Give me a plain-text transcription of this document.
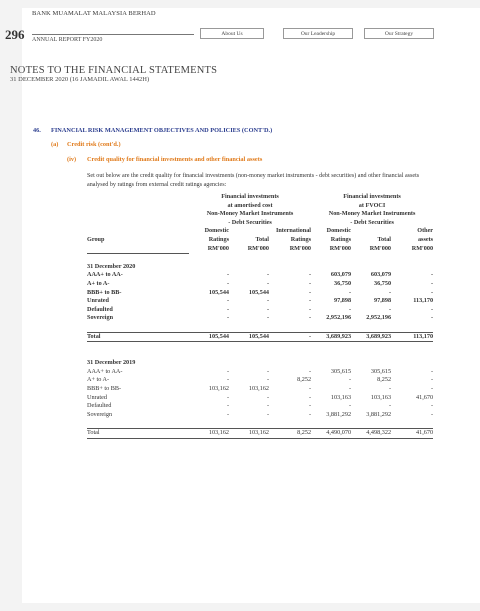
296
BANK MUAMALAT MALAYSIA BERHAD
ANNUAL REPORT FY2020
About Us	Our Leadership	Our Strategy
NOTES TO THE FINANCIAL STATEMENTS
31 DECEMBER 2020 (16 JAMADIL AWAL 1442H)
46. FINANCIAL RISK MANAGEMENT OBJECTIVES AND POLICIES (CONT'D.)
(a) Credit risk (cont'd.)
(iv) Credit quality for financial investments and other financial assets
Set out below are the credit quality for financial investments (non-money market instruments - debt securities) and other financial assets analysed by ratings from external credit ratings agencies:
	Financial investments			Financial investments		
	at amortised cost			at FVOCI		
	Non-Money Market Instruments			Non-Money Market Instruments		
	- Debt Securities			- Debt Securities		
	Domestic		International	Domestic		Other
Group	Ratings	Total	Ratings	Ratings	Total	assets
	RM'000	RM'000	RM'000	RM'000	RM'000	RM'000

31 December 2020						
AAA+ to AA-	-	-	-	603,079	603,079	-
A+ to A-	-	-	-	36,750	36,750	-
BBB+ to BB-	105,544	105,544	-	-	-	-
Unrated	-	-	-	97,898	97,898	113,170
Defaulted	-	-	-	-	-	-
Sovereign	-	-	-	2,952,196	2,952,196	-

Total	105,544	105,544	-	3,689,923	3,689,923	113,170

31 December 2019						
AAA+ to AA-	-	-	-	305,615	305,615	-
A+ to A-	-	-	8,252	-	8,252	-
BBB+ to BB-	103,162	103,162	-	-	-	-
Unrated	-	-	-	103,163	103,163	41,670
Defaulted	-	-	-	-	-	-
Sovereign	-	-	-	3,881,292	3,881,292	-

Total	103,162	103,162	8,252	4,490,070	4,498,322	41,670
